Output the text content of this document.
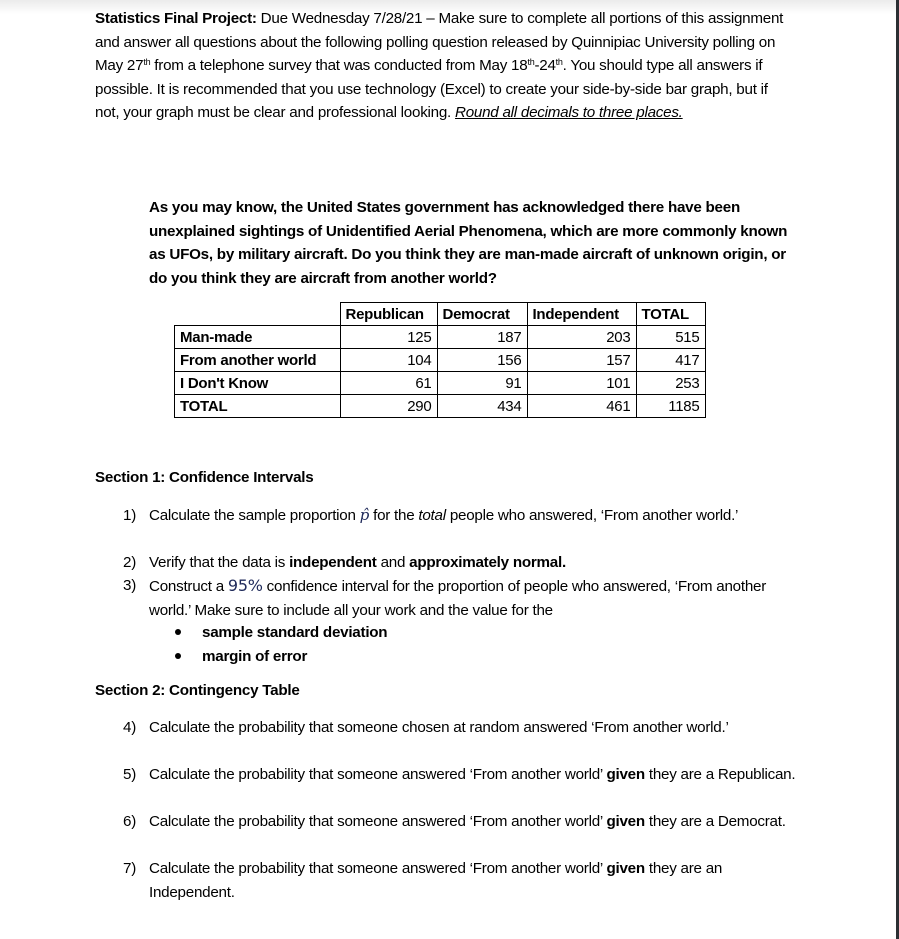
Statistics Final Project: Due Wednesday 7/28/21 – Make sure to complete all portions of this assignment and answer all questions about the following polling question released by Quinnipiac University polling on May 27th from a telephone survey that was conducted from May 18th-24th. You should type all answers if possible. It is recommended that you use technology (Excel) to create your side-by-side bar graph, but if not, your graph must be clear and professional looking. Round all decimals to three places.
As you may know, the United States government has acknowledged there have been unexplained sightings of Unidentified Aerial Phenomena, which are more commonly known as UFOs, by military aircraft. Do you think they are man-made aircraft of unknown origin, or do you think they are aircraft from another world?
	Republican	Democrat	Independent	TOTAL
Man-made	125	187	203	515
From another world	104	156	157	417
I Don't Know	61	91	101	253
TOTAL	290	434	461	1185
Section 1: Confidence Intervals
1) Calculate the sample proportion p̂ for the total people who answered, ‘From another world.’
2) Verify that the data is independent and approximately normal.
3) Construct a 95% confidence interval for the proportion of people who answered, ‘From another world.’ Make sure to include all your work and the value for the
sample standard deviation
margin of error
Section 2: Contingency Table
4) Calculate the probability that someone chosen at random answered ‘From another world.’
5) Calculate the probability that someone answered ‘From another world’ given they are a Republican.
6) Calculate the probability that someone answered ‘From another world’ given they are a Democrat.
7) Calculate the probability that someone answered ‘From another world’ given they are an Independent.
